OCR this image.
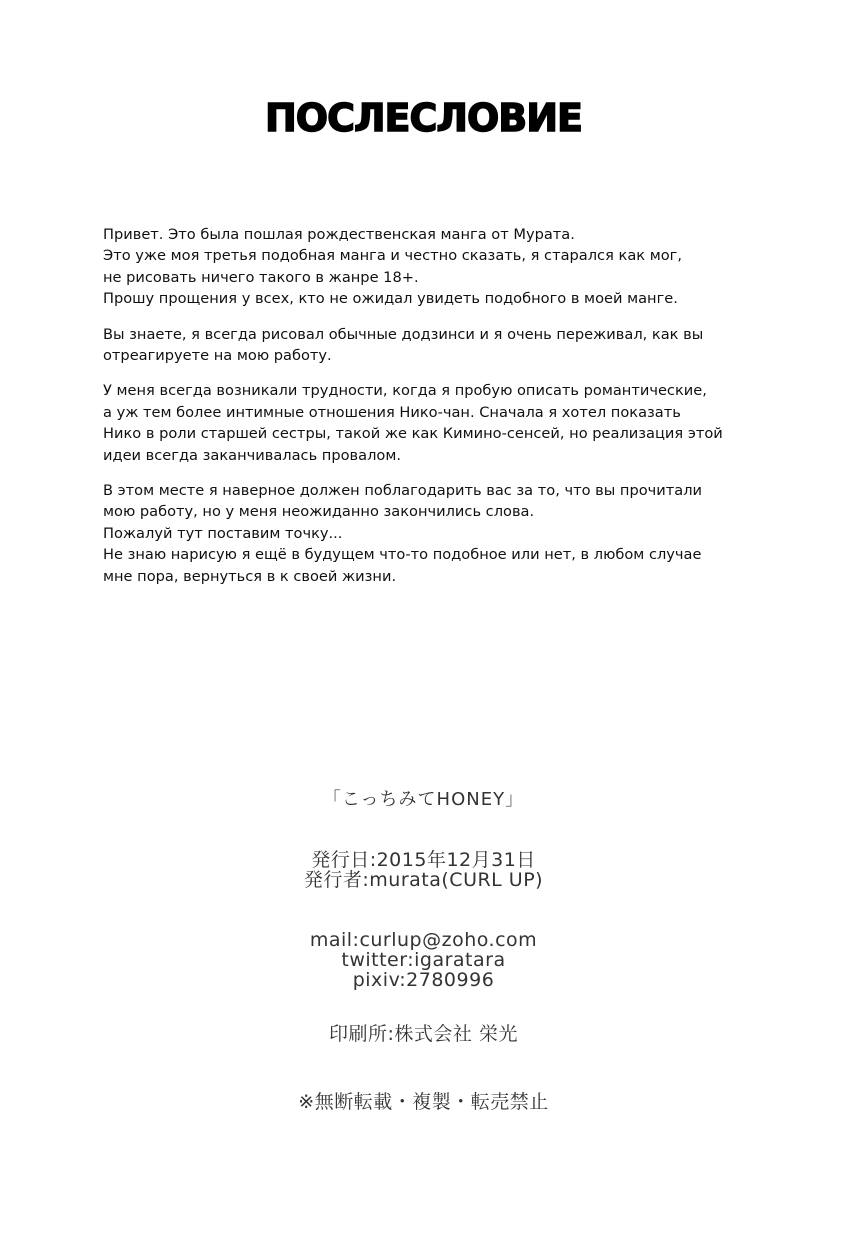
ПОСЛЕСЛОВИЕ

Привет. Это была пошлая рождественская манга от Мурата.
Это уже моя третья подобная манга и честно сказать, я старался как мог,
не рисовать ничего такого в жанре 18+.
Прошу прощения у всех, кто не ожидал увидеть подобного в моей манге.

Вы знаете, я всегда рисовал обычные додзинси и я очень переживал, как вы
отреагируете на мою работу.

У меня всегда возникали трудности, когда я пробую описать романтические,
а уж тем более интимные отношения Нико-чан. Сначала я хотел показать
Нико в роли старшей сестры, такой же как Кимино-сенсей, но реализация этой
идеи всегда заканчивалась провалом.

В этом месте я наверное должен поблагодарить вас за то, что вы прочитали
мою работу, но у меня неожиданно закончились слова.
Пожалуй тут поставим точку...
Не знаю нарисую я ещё в будущем что-то подобное или нет, в любом случае
мне пора, вернуться в к своей жизни.

「こっちみてHONEY」
発行日:2015年12月31日
発行者:murata(CURL UP)
mail:curlup@zoho.com
twitter:igaratara
pixiv:2780996
印刷所:株式会社 栄光
※無断転載・複製・転売禁止
